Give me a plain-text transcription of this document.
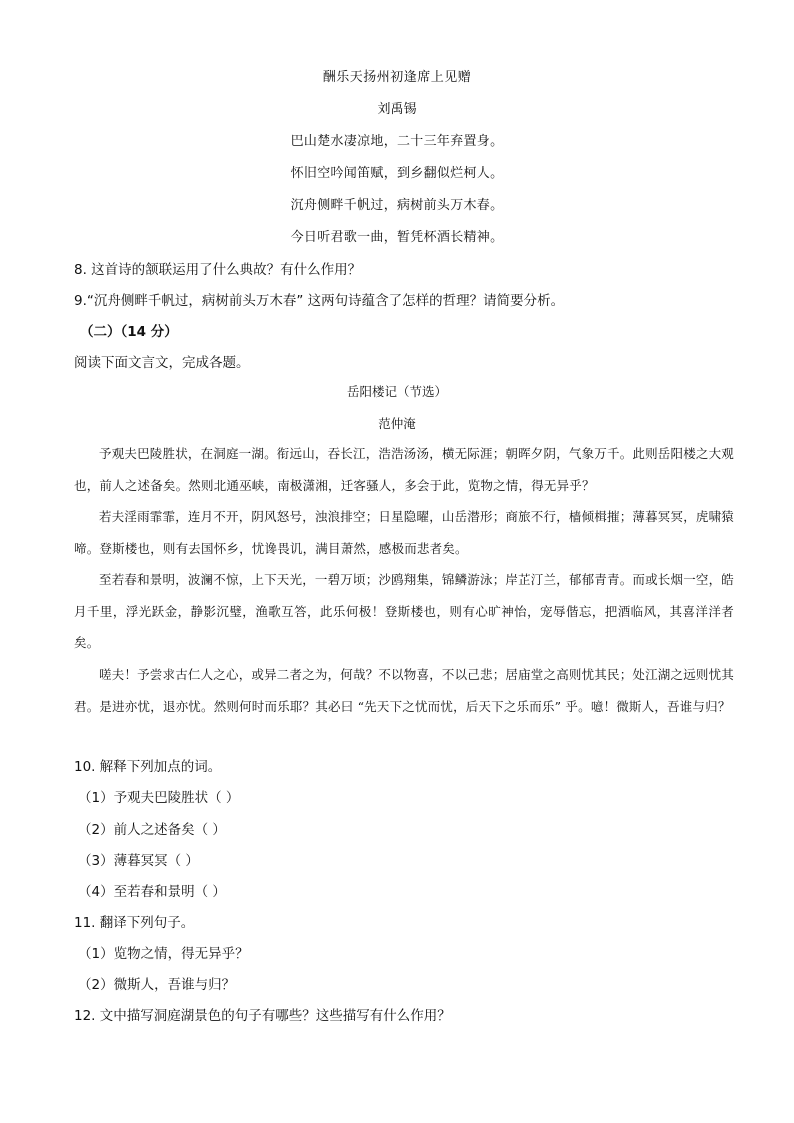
酬乐天扬州初逢席上见赠
刘禹锡
巴山楚水凄凉地，二十三年弃置身。
怀旧空吟闻笛赋，到乡翻似烂柯人。
沉舟侧畔千帆过，病树前头万木春。
今日听君歌一曲，暂凭杯酒长精神。
8. 这首诗的颔联运用了什么典故？有什么作用？
9.“沉舟侧畔千帆过，病树前头万木春” 这两句诗蕴含了怎样的哲理？请简要分析。
（二）（14 分）
阅读下面文言文，完成各题。
岳阳楼记（节选）
范仲淹
予观夫巴陵胜状，在洞庭一湖。衔远山，吞长江，浩浩汤汤，横无际涯；朝晖夕阴，气象万千。此则岳阳楼之大观也，前人之述备矣。然则北通巫峡，南极潇湘，迁客骚人，多会于此，览物之情，得无异乎？
若夫淫雨霏霏，连月不开，阴风怒号，浊浪排空；日星隐曜，山岳潜形；商旅不行，樯倾楫摧；薄暮冥冥，虎啸猿啼。登斯楼也，则有去国怀乡，忧谗畏讥，满目萧然，感极而悲者矣。
至若春和景明，波澜不惊，上下天光，一碧万顷；沙鸥翔集，锦鳞游泳；岸芷汀兰，郁郁青青。而或长烟一空，皓月千里，浮光跃金，静影沉璧，渔歌互答，此乐何极！登斯楼也，则有心旷神怡，宠辱偕忘，把酒临风，其喜洋洋者矣。
嗟夫！予尝求古仁人之心，或异二者之为，何哉？不以物喜，不以己悲；居庙堂之高则忧其民；处江湖之远则忧其君。是进亦忧，退亦忧。然则何时而乐耶？其必曰 “先天下之忧而忧，后天下之乐而乐” 乎。噫！微斯人，吾谁与归？
10. 解释下列加点的词。
（1）予观夫巴陵胜状（ ）
（2）前人之述备矣（ ）
（3）薄暮冥冥（ ）
（4）至若春和景明（ ）
11. 翻译下列句子。
（1）览物之情，得无异乎？
（2）微斯人，吾谁与归？
12. 文中描写洞庭湖景色的句子有哪些？这些描写有什么作用？
